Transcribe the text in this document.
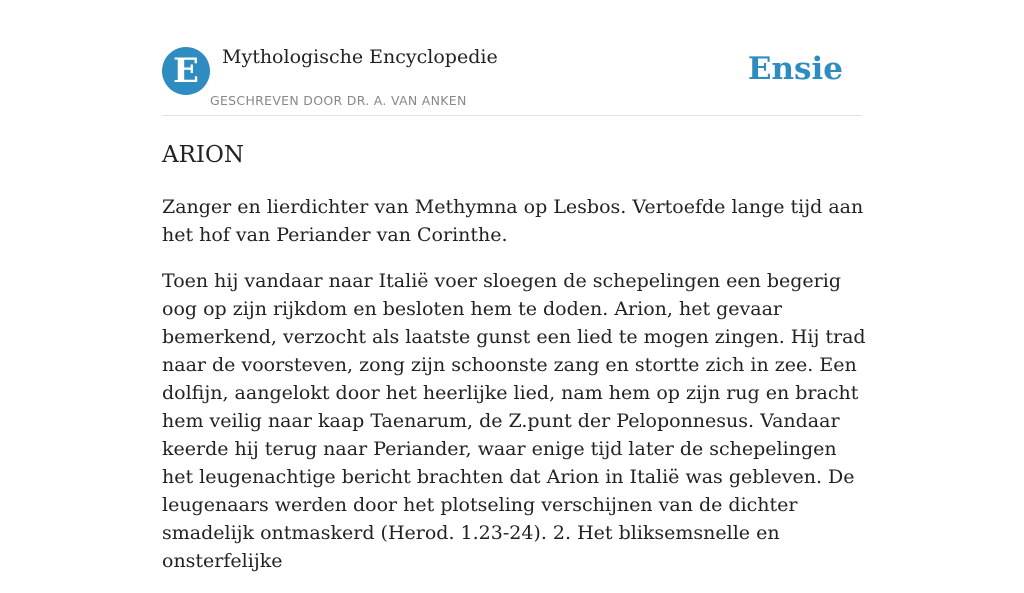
E	Mythologische Encyclopedie
GESCHREVEN DOOR DR. A. VAN ANKEN
Ensie
ARION

Zanger en lierdichter van Methymna op Lesbos. Vertoefde lange tijd aan het hof van Periander van Corinthe.

Toen hij vandaar naar Italië voer sloegen de schepelingen een begerig oog op zijn rijkdom en besloten hem te doden. Arion, het gevaar bemerkend, verzocht als laatste gunst een lied te mogen zingen. Hij trad naar de voorsteven, zong zijn schoonste zang en stortte zich in zee. Een dolfijn, aangelokt door het heerlijke lied, nam hem op zijn rug en bracht hem veilig naar kaap Taenarum, de Z.punt der Peloponnesus. Vandaar keerde hij terug naar Periander, waar enige tijd later de schepelingen het leugenachtige bericht brachten dat Arion in Italië was gebleven. De leugenaars werden door het plotseling verschijnen van de dichter smadelijk ontmaskerd (Herod. 1.23-24). 2. Het bliksemsnelle en onsterfelijke
